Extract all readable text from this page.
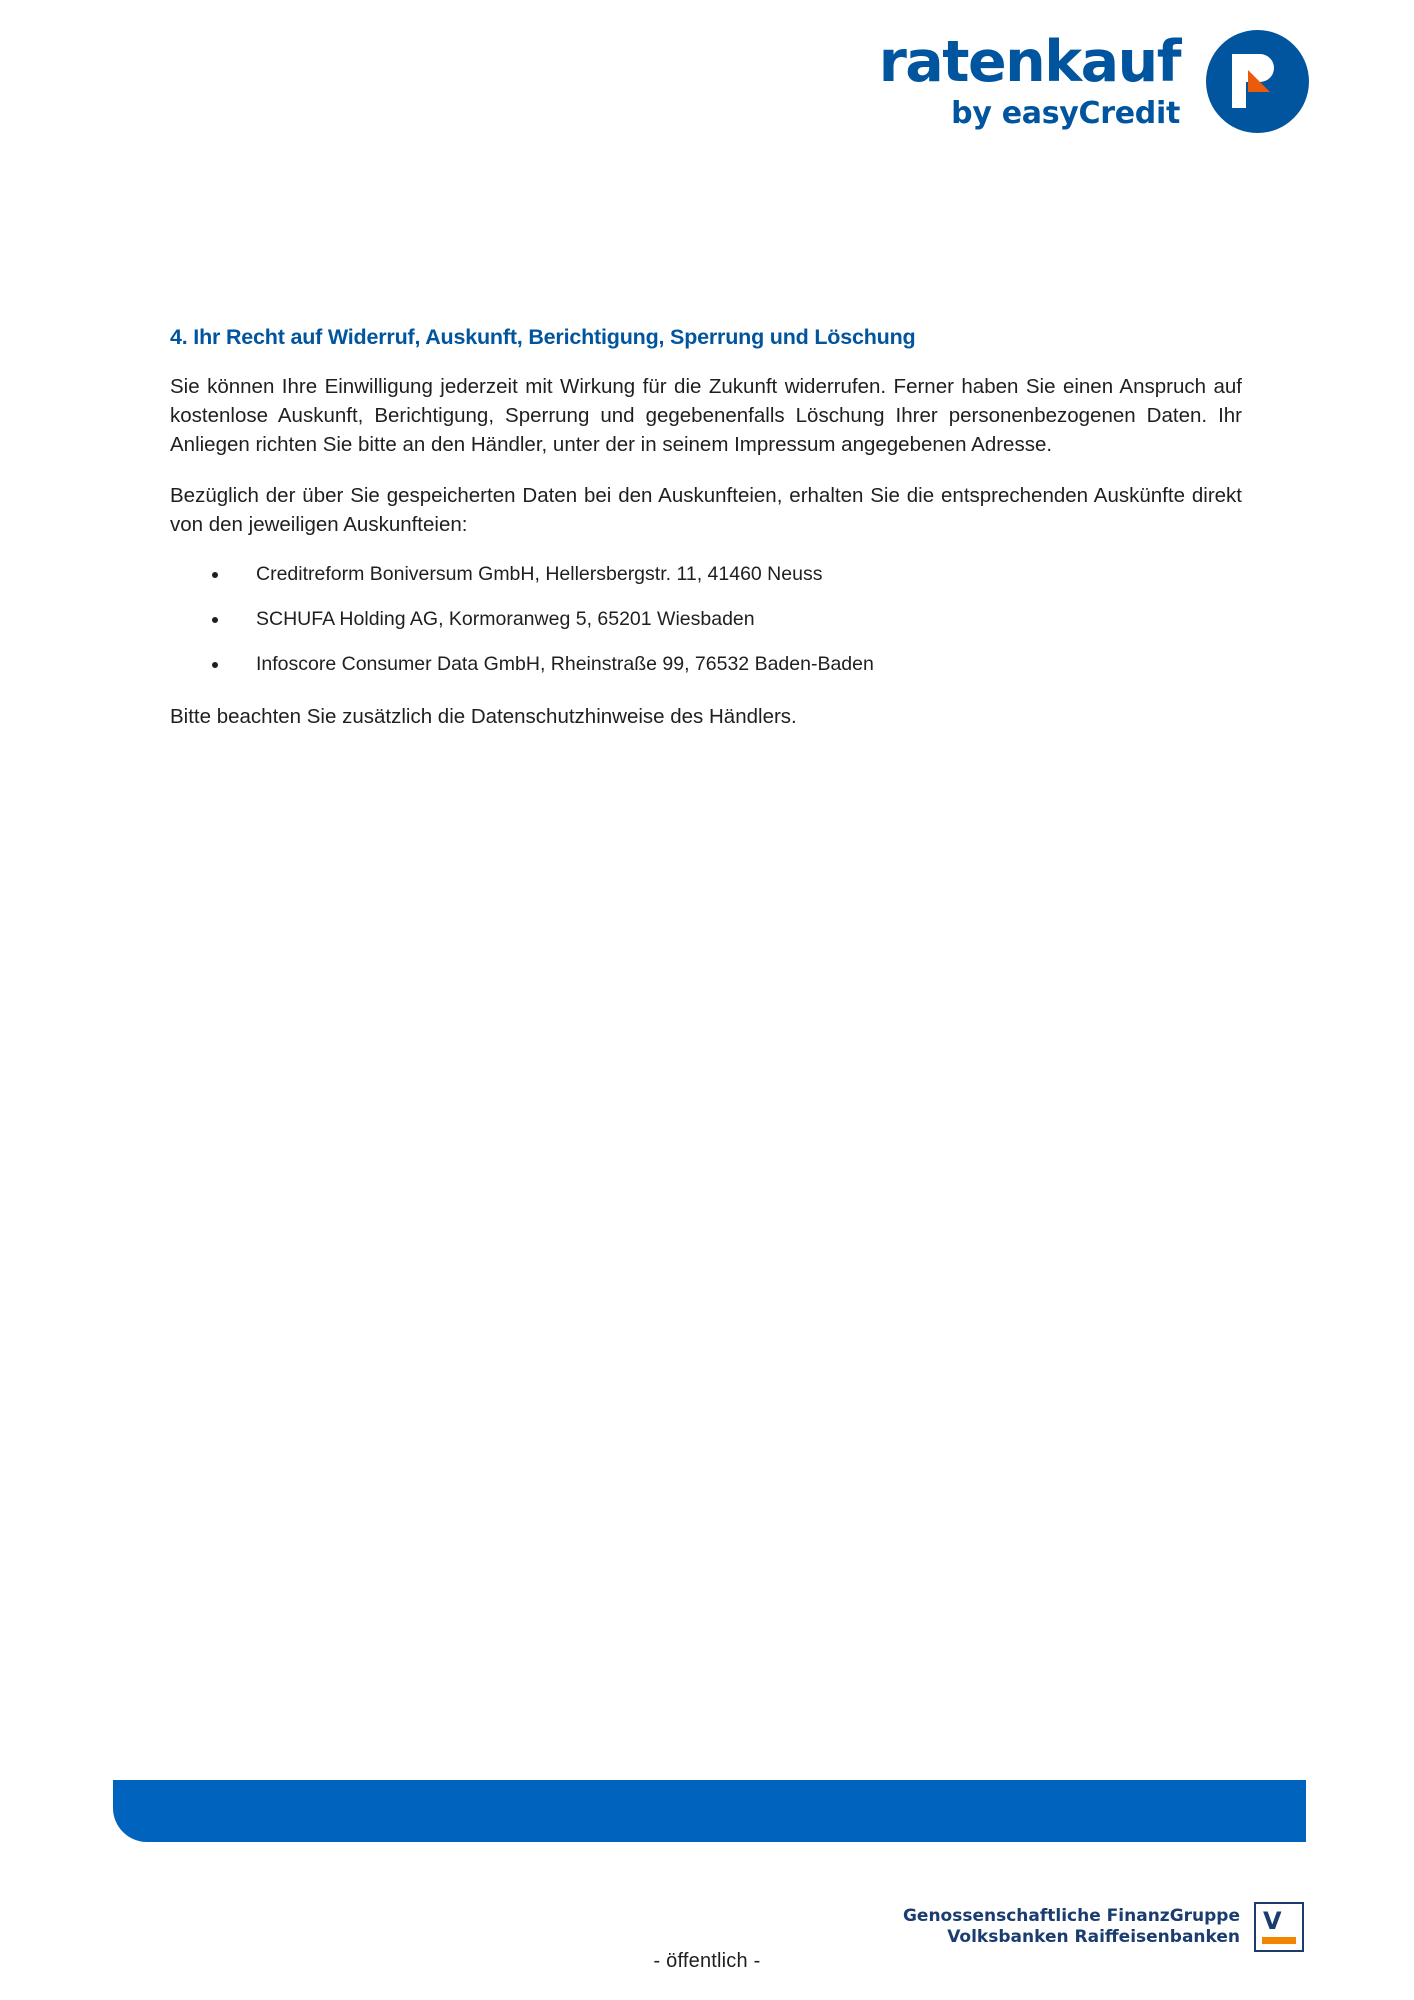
ratenkauf
by easyCredit
4. Ihr Recht auf Widerruf, Auskunft, Berichtigung, Sperrung und Löschung

Sie können Ihre Einwilligung jederzeit mit Wirkung für die Zukunft widerrufen. Ferner haben Sie einen Anspruch auf kostenlose Auskunft, Berichtigung, Sperrung und gegebenenfalls Löschung Ihrer personenbezogenen Daten. Ihr Anliegen richten Sie bitte an den Händler, unter der in seinem Impressum angegebenen Adresse.

Bezüglich der über Sie gespeicherten Daten bei den Auskunfteien, erhalten Sie die entsprechenden Auskünfte direkt von den jeweiligen Auskunfteien:

Creditreform Boniversum GmbH, Hellersbergstr. 11, 41460 Neuss
SCHUFA Holding AG, Kormoranweg 5, 65201 Wiesbaden
Infoscore Consumer Data GmbH, Rheinstraße 99, 76532 Baden-Baden

Bitte beachten Sie zusätzlich die Datenschutzhinweise des Händlers.

Genossenschaftliche FinanzGruppe
Volksbanken Raiffeisenbanken
V
- öffentlich -
